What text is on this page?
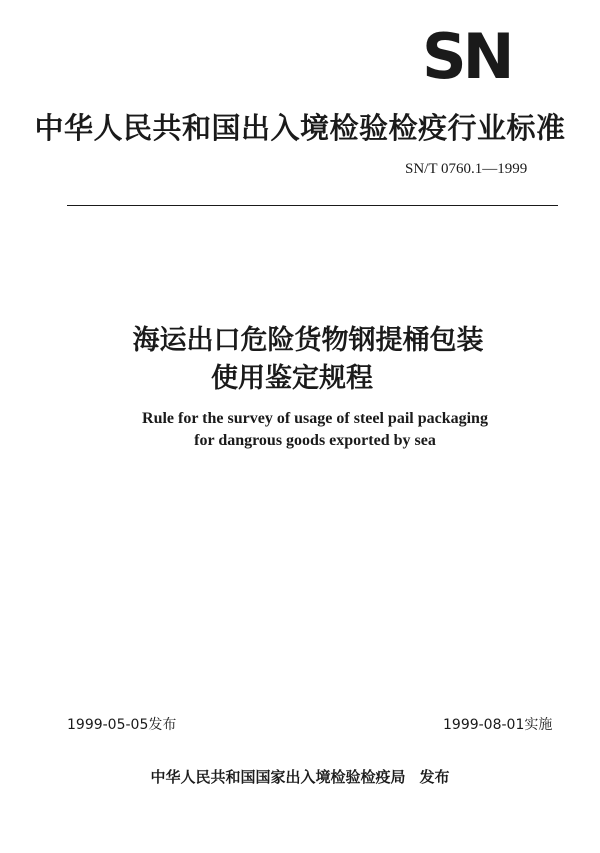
SN
中华人民共和国出入境检验检疫行业标准
SN/T 0760.1—1999
海运出口危险货物钢提桶包装
使用鉴定规程
Rule for the survey of usage of steel pail packaging
for dangrous goods exported by sea
1999-05-05发布	1999-08-01实施
中华人民共和国国家出入境检验检疫局 发布
